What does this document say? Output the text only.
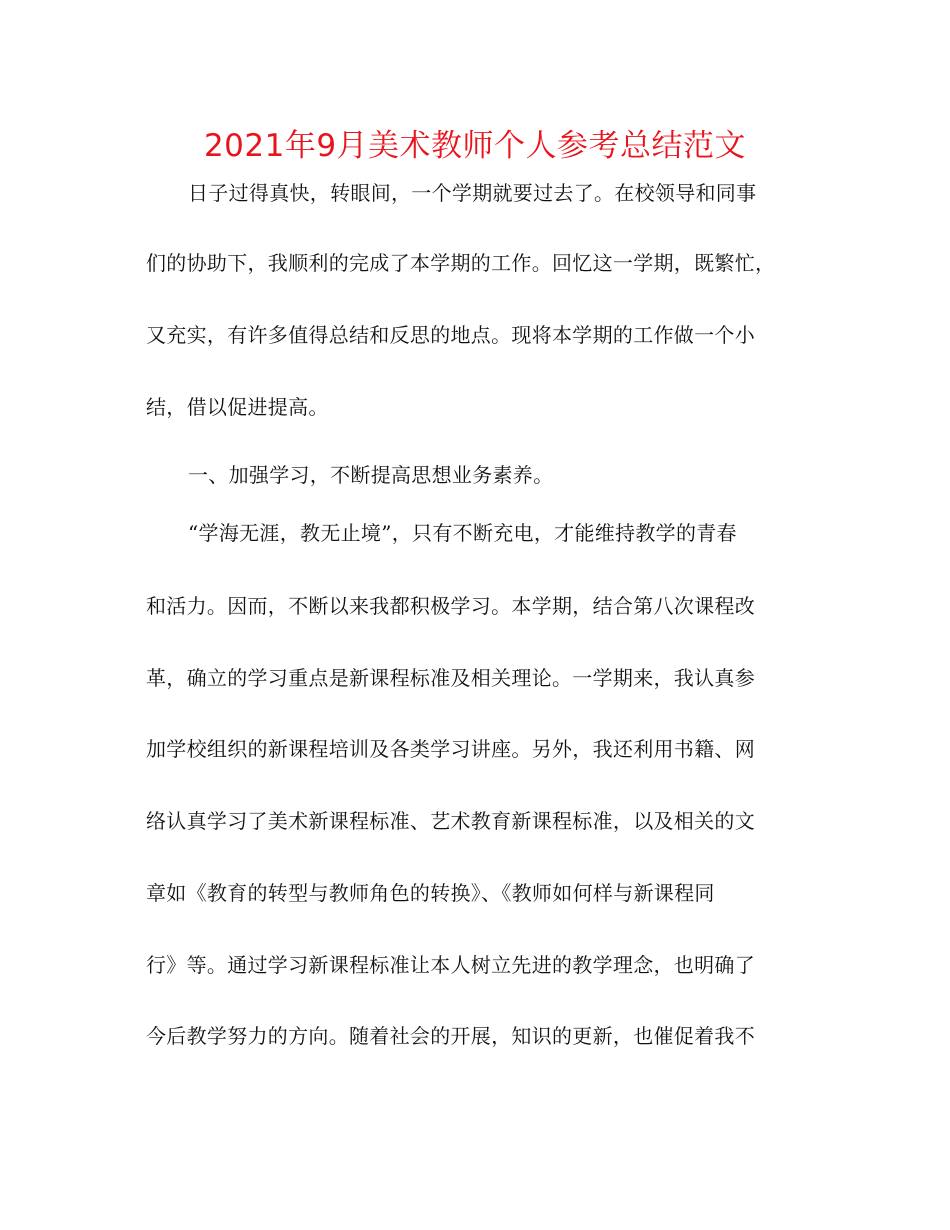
2021年9月美术教师个人参考总结范文
日子过得真快，转眼间，一个学期就要过去了。在校领导和同事
们的协助下，我顺利的完成了本学期的工作。回忆这一学期，既繁忙，
又充实，有许多值得总结和反思的地点。现将本学期的工作做一个小
结，借以促进提高。
一、加强学习，不断提高思想业务素养。
“学海无涯，教无止境”，只有不断充电，才能维持教学的青春
和活力。因而，不断以来我都积极学习。本学期，结合第八次课程改
革，确立的学习重点是新课程标准及相关理论。一学期来，我认真参
加学校组织的新课程培训及各类学习讲座。另外，我还利用书籍、网
络认真学习了美术新课程标准、艺术教育新课程标准，以及相关的文
章如《教育的转型与教师角色的转换》、《教师如何样与新课程同
行》等。通过学习新课程标准让本人树立先进的教学理念，也明确了
今后教学努力的方向。随着社会的开展，知识的更新，也催促着我不
